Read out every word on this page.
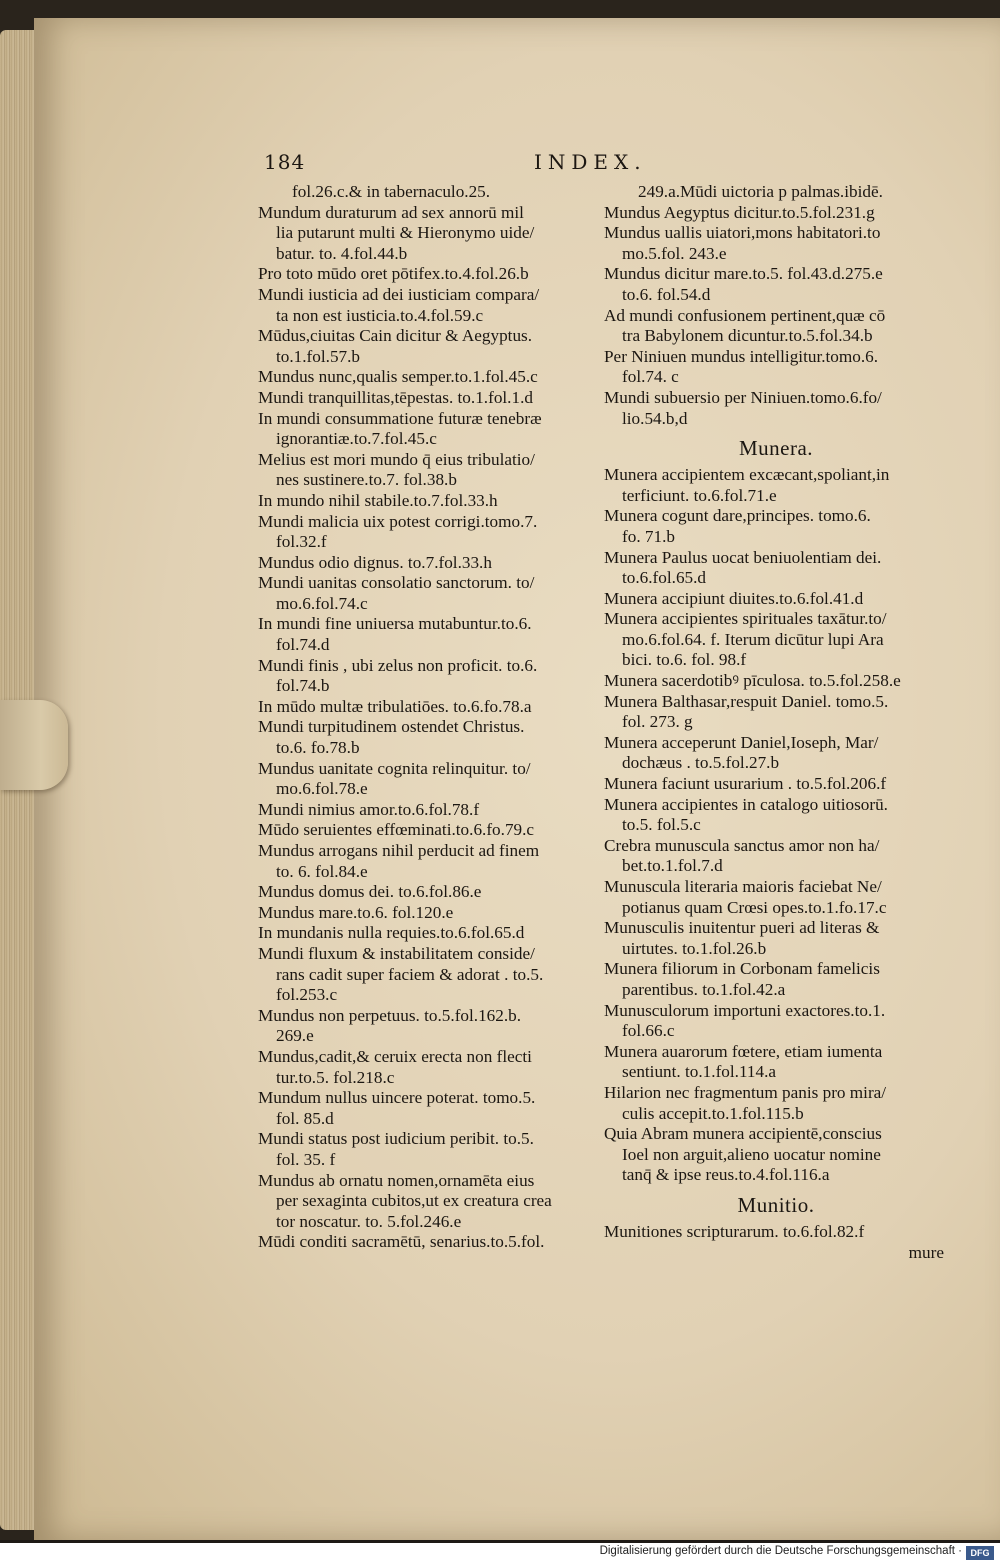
184	INDEX.
fol.26.c.& in tabernaculo.25.
Mundum duraturum ad sex annorū mil
lia putarunt multi & Hieronymo uide/
batur. to. 4.fol.44.b
Pro toto mūdo oret pōtifex.to.4.fol.26.b
Mundi iusticia ad dei iusticiam compara/
ta non est iusticia.to.4.fol.59.c
Mūdus,ciuitas Cain dicitur & Aegyptus.
to.1.fol.57.b
Mundus nunc,qualis semper.to.1.fol.45.c
Mundi tranquillitas,tēpestas. to.1.fol.1.d
In mundi consummatione futuræ tenebræ
ignorantiæ.to.7.fol.45.c
Melius est mori mundo q̄ eius tribulatio/
nes sustinere.to.7. fol.38.b
In mundo nihil stabile.to.7.fol.33.h
Mundi malicia uix potest corrigi.tomo.7.
fol.32.f
Mundus odio dignus. to.7.fol.33.h
Mundi uanitas consolatio sanctorum. to/
mo.6.fol.74.c
In mundi fine uniuersa mutabuntur.to.6.
fol.74.d
Mundi finis , ubi zelus non proficit. to.6.
fol.74.b
In mūdo multæ tribulatiōes. to.6.fo.78.a
Mundi turpitudinem ostendet Christus.
to.6. fo.78.b
Mundus uanitate cognita relinquitur. to/
mo.6.fol.78.e
Mundi nimius amor.to.6.fol.78.f
Mūdo seruientes effœminati.to.6.fo.79.c
Mundus arrogans nihil perducit ad finem
to. 6. fol.84.e
Mundus domus dei. to.6.fol.86.e
Mundus mare.to.6. fol.120.e
In mundanis nulla requies.to.6.fol.65.d
Mundi fluxum & instabilitatem conside/
rans cadit super faciem & adorat . to.5.
fol.253.c
Mundus non perpetuus. to.5.fol.162.b.
269.e
Mundus,cadit,& ceruix erecta non flecti
tur.to.5. fol.218.c
Mundum nullus uincere poterat. tomo.5.
fol. 85.d
Mundi status post iudicium peribit. to.5.
fol. 35. f
Mundus ab ornatu nomen,ornamēta eius
per sexaginta cubitos,ut ex creatura crea
tor noscatur. to. 5.fol.246.e
Mūdi conditi sacramētū, senarius.to.5.fol.
249.a.Mūdi uictoria p palmas.ibidē.
Mundus Aegyptus dicitur.to.5.fol.231.g
Mundus uallis uiatori,mons habitatori.to
mo.5.fol. 243.e
Mundus dicitur mare.to.5. fol.43.d.275.e
to.6. fol.54.d
Ad mundi confusionem pertinent,quæ cō
tra Babylonem dicuntur.to.5.fol.34.b
Per Niniuen mundus intelligitur.tomo.6.
fol.74. c
Mundi subuersio per Niniuen.tomo.6.fo/
lio.54.b,d
Munera.
Munera accipientem excæcant,spoliant,in
terficiunt. to.6.fol.71.e
Munera cogunt dare,principes. tomo.6.
fo. 71.b
Munera Paulus uocat beniuolentiam dei.
to.6.fol.65.d
Munera accipiunt diuites.to.6.fol.41.d
Munera accipientes spirituales taxātur.to/
mo.6.fol.64. f. Iterum dicūtur lupi Ara
bici. to.6. fol. 98.f
Munera sacerdotibꝰ pīculosa. to.5.fol.258.e
Munera Balthasar,respuit Daniel. tomo.5.
fol. 273. g
Munera acceperunt Daniel,Ioseph, Mar/
dochæus . to.5.fol.27.b
Munera faciunt usurarium . to.5.fol.206.f
Munera accipientes in catalogo uitiosorū.
to.5. fol.5.c
Crebra munuscula sanctus amor non ha/
bet.to.1.fol.7.d
Munuscula literaria maioris faciebat Ne/
potianus quam Crœsi opes.to.1.fo.17.c
Munusculis inuitentur pueri ad literas &
uirtutes. to.1.fol.26.b
Munera filiorum in Corbonam famelicis
parentibus. to.1.fol.42.a
Munusculorum importuni exactores.to.1.
fol.66.c
Munera auarorum fœtere, etiam iumenta
sentiunt. to.1.fol.114.a
Hilarion nec fragmentum panis pro mira/
culis accepit.to.1.fol.115.b
Quia Abram munera accipientē,conscius
Ioel non arguit,alieno uocatur nomine
tanq̄ & ipse reus.to.4.fol.116.a
Munitio.
Munitiones scripturarum. to.6.fol.82.f
mure
Digitalisierung gefördert durch die Deutsche Forschungsgemeinschaft · DFG
